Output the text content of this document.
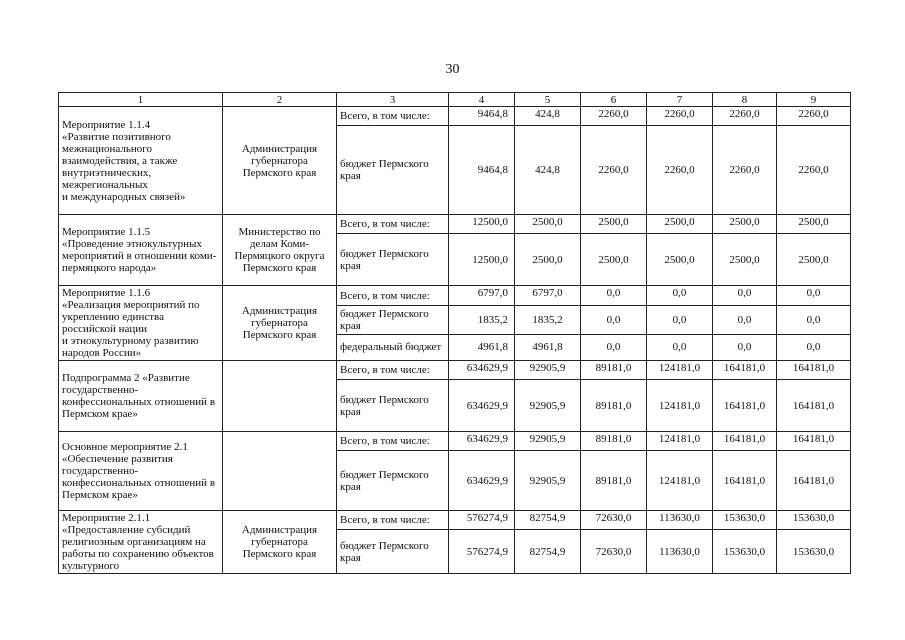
30
1	2	3	4	5	6	7	8	9
Мероприятие 1.1.4
«Развитие позитивного межнационального взаимодействия, а также внутриэтнических, межрегиональных
и международных связей»	Администрация губернатора Пермского края	Всего, в том числе:	9464,8	424,8	2260,0	2260,0	2260,0	2260,0
		бюджет Пермского края	9464,8	424,8	2260,0	2260,0	2260,0	2260,0
Мероприятие 1.1.5
«Проведение этнокультурных мероприятий в отношении коми-пермяцкого народа»	Министерство по делам Коми-Пермяцкого округа Пермского края	Всего, в том числе:	12500,0	2500,0	2500,0	2500,0	2500,0	2500,0
		бюджет Пермского края	12500,0	2500,0	2500,0	2500,0	2500,0	2500,0
Мероприятие 1.1.6
«Реализация мероприятий по укреплению единства российской нации
и этнокультурному развитию народов России»	Администрация губернатора Пермского края	Всего, в том числе:	6797,0	6797,0	0,0	0,0	0,0	0,0
		бюджет Пермского края	1835,2	1835,2	0,0	0,0	0,0	0,0
		федеральный бюджет	4961,8	4961,8	0,0	0,0	0,0	0,0
Подпрограмма 2 «Развитие государственно-конфессиональных отношений в Пермском крае»		Всего, в том числе:	634629,9	92905,9	89181,0	124181,0	164181,0	164181,0
		бюджет Пермского края	634629,9	92905,9	89181,0	124181,0	164181,0	164181,0
Основное мероприятие 2.1 «Обеспечение развития государственно-конфессиональных отношений в Пермском крае»		Всего, в том числе:	634629,9	92905,9	89181,0	124181,0	164181,0	164181,0
		бюджет Пермского края	634629,9	92905,9	89181,0	124181,0	164181,0	164181,0
Мероприятие 2.1.1
«Предоставление субсидий религиозным организациям на работы по сохранению объектов культурного	Администрация губернатора Пермского края	Всего, в том числе:	576274,9	82754,9	72630,0	113630,0	153630,0	153630,0
		бюджет Пермского края	576274,9	82754,9	72630,0	113630,0	153630,0	153630,0
